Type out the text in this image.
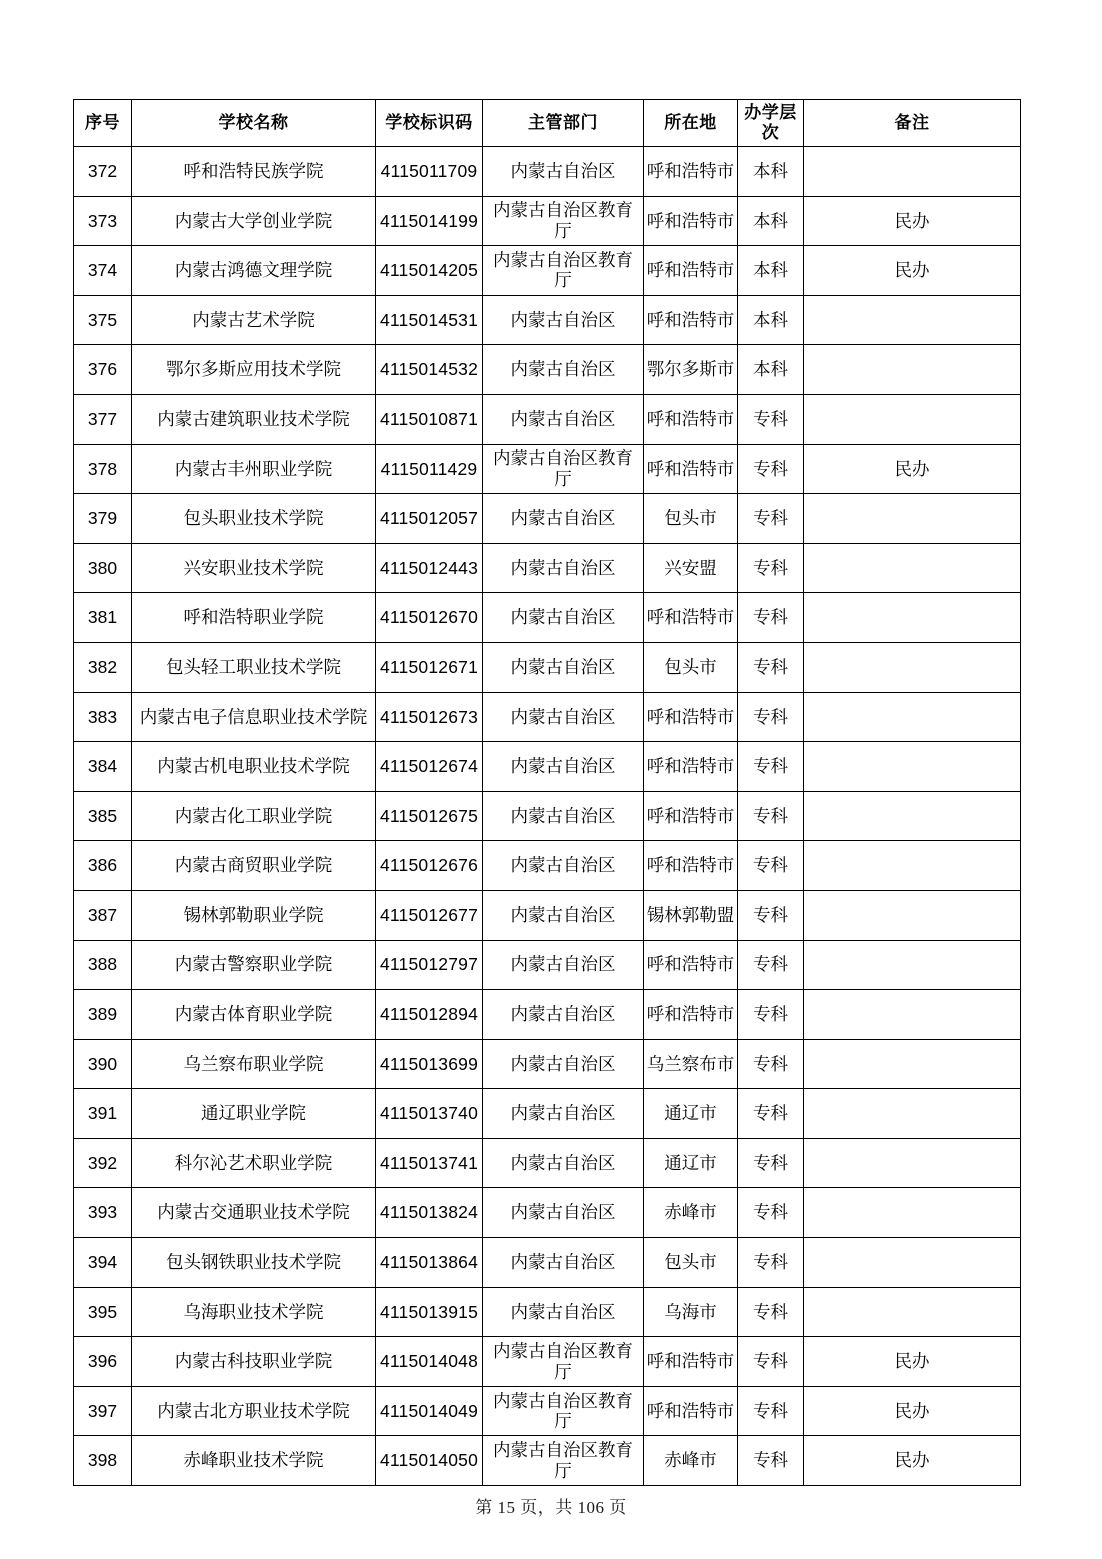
序号	学校名称	学校标识码	主管部门	所在地	办学层次	备注
372	呼和浩特民族学院	4115011709	内蒙古自治区	呼和浩特市	本科	
373	内蒙古大学创业学院	4115014199	内蒙古自治区教育厅	呼和浩特市	本科	民办
374	内蒙古鸿德文理学院	4115014205	内蒙古自治区教育厅	呼和浩特市	本科	民办
375	内蒙古艺术学院	4115014531	内蒙古自治区	呼和浩特市	本科	
376	鄂尔多斯应用技术学院	4115014532	内蒙古自治区	鄂尔多斯市	本科	
377	内蒙古建筑职业技术学院	4115010871	内蒙古自治区	呼和浩特市	专科	
378	内蒙古丰州职业学院	4115011429	内蒙古自治区教育厅	呼和浩特市	专科	民办
379	包头职业技术学院	4115012057	内蒙古自治区	包头市	专科	
380	兴安职业技术学院	4115012443	内蒙古自治区	兴安盟	专科	
381	呼和浩特职业学院	4115012670	内蒙古自治区	呼和浩特市	专科	
382	包头轻工职业技术学院	4115012671	内蒙古自治区	包头市	专科	
383	内蒙古电子信息职业技术学院	4115012673	内蒙古自治区	呼和浩特市	专科	
384	内蒙古机电职业技术学院	4115012674	内蒙古自治区	呼和浩特市	专科	
385	内蒙古化工职业学院	4115012675	内蒙古自治区	呼和浩特市	专科	
386	内蒙古商贸职业学院	4115012676	内蒙古自治区	呼和浩特市	专科	
387	锡林郭勒职业学院	4115012677	内蒙古自治区	锡林郭勒盟	专科	
388	内蒙古警察职业学院	4115012797	内蒙古自治区	呼和浩特市	专科	
389	内蒙古体育职业学院	4115012894	内蒙古自治区	呼和浩特市	专科	
390	乌兰察布职业学院	4115013699	内蒙古自治区	乌兰察布市	专科	
391	通辽职业学院	4115013740	内蒙古自治区	通辽市	专科	
392	科尔沁艺术职业学院	4115013741	内蒙古自治区	通辽市	专科	
393	内蒙古交通职业技术学院	4115013824	内蒙古自治区	赤峰市	专科	
394	包头钢铁职业技术学院	4115013864	内蒙古自治区	包头市	专科	
395	乌海职业技术学院	4115013915	内蒙古自治区	乌海市	专科	
396	内蒙古科技职业学院	4115014048	内蒙古自治区教育厅	呼和浩特市	专科	民办
397	内蒙古北方职业技术学院	4115014049	内蒙古自治区教育厅	呼和浩特市	专科	民办
398	赤峰职业技术学院	4115014050	内蒙古自治区教育厅	赤峰市	专科	民办
第 15 页，共 106 页
